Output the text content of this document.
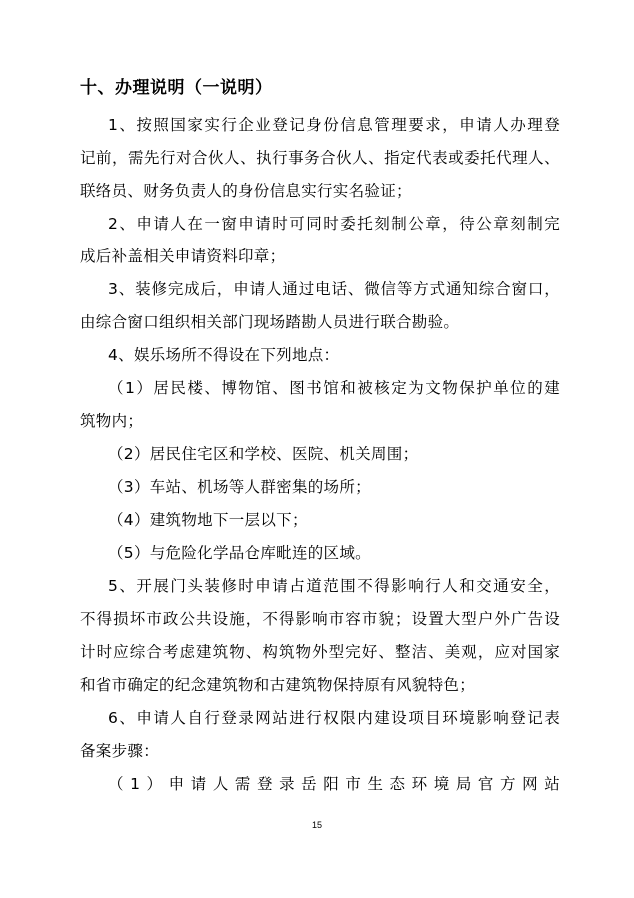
十、办理说明（一说明）
1、按照国家实行企业登记身份信息管理要求，申请人办理登
记前，需先行对合伙人、执行事务合伙人、指定代表或委托代理人、
联络员、财务负责人的身份信息实行实名验证；
2、申请人在一窗申请时可同时委托刻制公章，待公章刻制完
成后补盖相关申请资料印章；
3、装修完成后，申请人通过电话、微信等方式通知综合窗口，
由综合窗口组织相关部门现场踏勘人员进行联合勘验。
4、娱乐场所不得设在下列地点：
（1）居民楼、博物馆、图书馆和被核定为文物保护单位的建
筑物内；
（2）居民住宅区和学校、医院、机关周围；
（3）车站、机场等人群密集的场所；
（4）建筑物地下一层以下；
（5）与危险化学品仓库毗连的区域。
5、开展门头装修时申请占道范围不得影响行人和交通安全，
不得损坏市政公共设施，不得影响市容市貌；设置大型户外广告设
计时应综合考虑建筑物、构筑物外型完好、整洁、美观，应对国家
和省市确定的纪念建筑物和古建筑物保持原有风貌特色；
6、申请人自行登录网站进行权限内建设项目环境影响登记表
备案步骤：
（1）申请人需登录岳阳市生态环境局官方网站
15
